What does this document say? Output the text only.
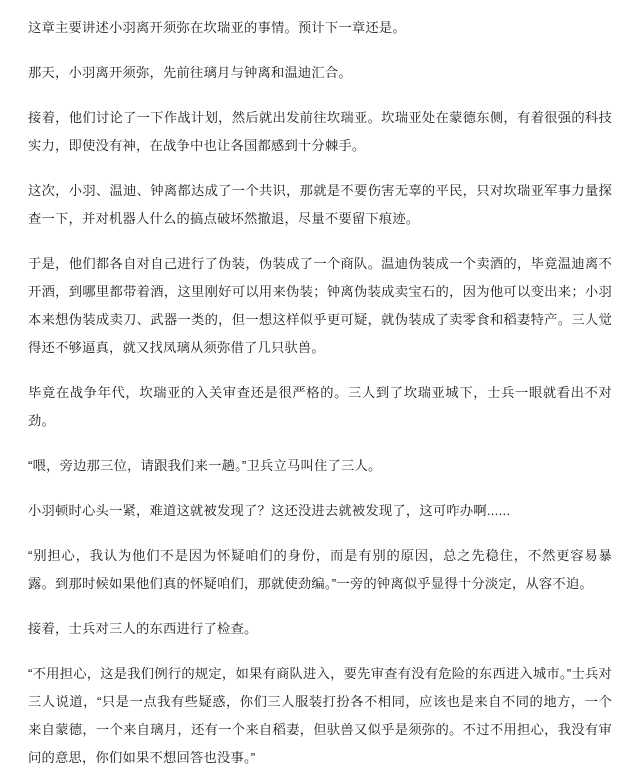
这章主要讲述小羽离开须弥在坎瑞亚的事情。预计下一章还是。

那天，小羽离开须弥，先前往璃月与钟离和温迪汇合。

接着，他们讨论了一下作战计划，然后就出发前往坎瑞亚。坎瑞亚处在蒙德东侧，有着很强的科技实力，即使没有神，在战争中也让各国都感到十分棘手。

这次，小羽、温迪、钟离都达成了一个共识，那就是不要伤害无辜的平民，只对坎瑞亚军事力量探查一下，并对机器人什么的搞点破坏然撤退，尽量不要留下痕迹。

于是，他们都各自对自己进行了伪装，伪装成了一个商队。温迪伪装成一个卖酒的，毕竟温迪离不开酒，到哪里都带着酒，这里刚好可以用来伪装；钟离伪装成卖宝石的，因为他可以变出来；小羽本来想伪装成卖刀、武器一类的，但一想这样似乎更可疑，就伪装成了卖零食和稻妻特产。三人觉得还不够逼真，就又找凤璃从须弥借了几只驮兽。

毕竟在战争年代，坎瑞亚的入关审查还是很严格的。三人到了坎瑞亚城下，士兵一眼就看出不对劲。

“喂，旁边那三位，请跟我们来一趟。”卫兵立马叫住了三人。

小羽顿时心头一紧，难道这就被发现了？这还没进去就被发现了，这可咋办啊......

“别担心，我认为他们不是因为怀疑咱们的身份，而是有别的原因，总之先稳住，不然更容易暴露。到那时候如果他们真的怀疑咱们，那就使劲编。”一旁的钟离似乎显得十分淡定，从容不迫。

接着，士兵对三人的东西进行了检查。

“不用担心，这是我们例行的规定，如果有商队进入，要先审查有没有危险的东西进入城市。”士兵对三人说道，“只是一点我有些疑惑，你们三人服装打扮各不相同，应该也是来自不同的地方，一个来自蒙德，一个来自璃月，还有一个来自稻妻，但驮兽又似乎是须弥的。不过不用担心，我没有审问的意思，你们如果不想回答也没事。”
